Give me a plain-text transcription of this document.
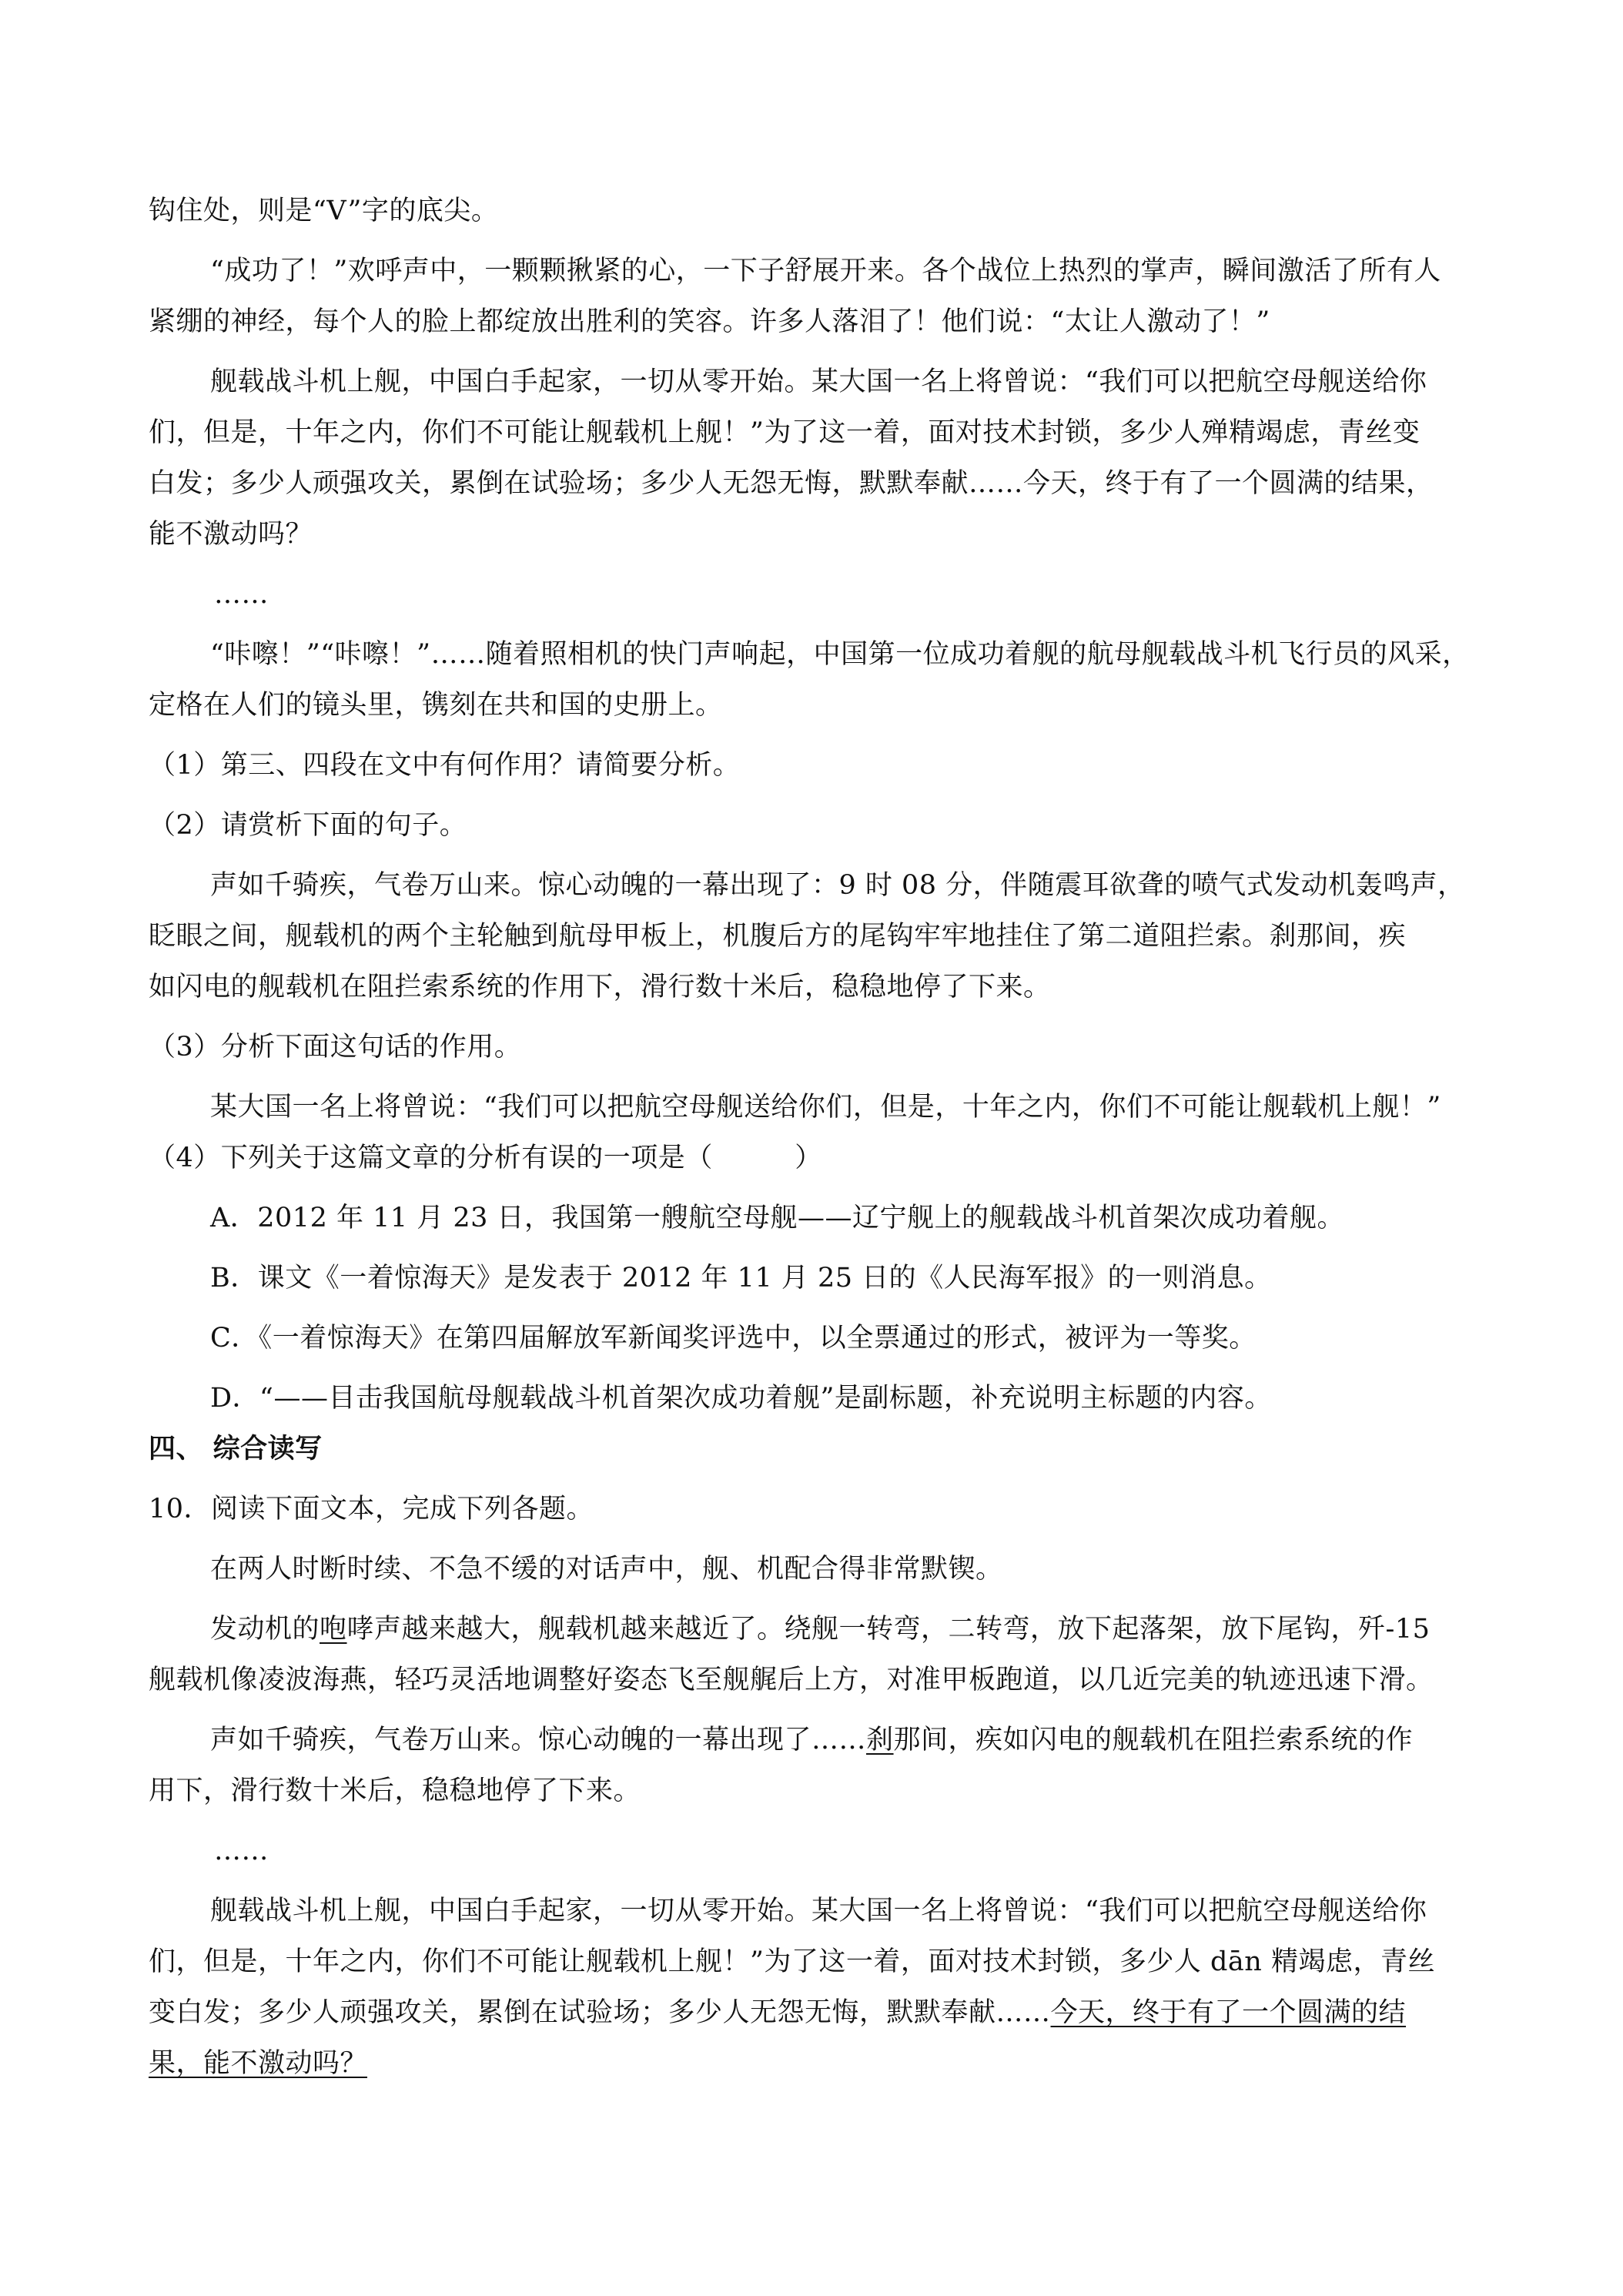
钩住处，则是“V”字的底尖。
“成功了！”欢呼声中，一颗颗揪紧的心，一下子舒展开来。各个战位上热烈的掌声，瞬间激活了所有人
紧绷的神经，每个人的脸上都绽放出胜利的笑容。许多人落泪了！他们说：“太让人激动了！”
舰载战斗机上舰，中国白手起家，一切从零开始。某大国一名上将曾说：“我们可以把航空母舰送给你
们，但是，十年之内，你们不可能让舰载机上舰！”为了这一着，面对技术封锁，多少人殚精竭虑，青丝变
白发；多少人顽强攻关，累倒在试验场；多少人无怨无悔，默默奉献……今天，终于有了一个圆满的结果，
能不激动吗？
……
“咔嚓！”“咔嚓！”……随着照相机的快门声响起，中国第一位成功着舰的航母舰载战斗机飞行员的风采，
定格在人们的镜头里，镌刻在共和国的史册上。
（1）第三、四段在文中有何作用？请简要分析。
（2）请赏析下面的句子。
声如千骑疾，气卷万山来。惊心动魄的一幕出现了：9 时 08 分，伴随震耳欲聋的喷气式发动机轰鸣声，
眨眼之间，舰载机的两个主轮触到航母甲板上，机腹后方的尾钩牢牢地挂住了第二道阻拦索。刹那间，疾
如闪电的舰载机在阻拦索系统的作用下，滑行数十米后，稳稳地停了下来。
（3）分析下面这句话的作用。
某大国一名上将曾说：“我们可以把航空母舰送给你们，但是，十年之内，你们不可能让舰载机上舰！”
（4）下列关于这篇文章的分析有误的一项是（　　　）
A．2012 年 11 月 23 日，我国第一艘航空母舰——辽宁舰上的舰载战斗机首架次成功着舰。
B．课文《一着惊海天》是发表于 2012 年 11 月 25 日的《人民海军报》的一则消息。
C．《一着惊海天》在第四届解放军新闻奖评选中，以全票通过的形式，被评为一等奖。
D．“——目击我国航母舰载战斗机首架次成功着舰”是副标题，补充说明主标题的内容。
四、 综合读写
10．阅读下面文本，完成下列各题。
在两人时断时续、不急不缓的对话声中，舰、机配合得非常默锲。
发动机的咆哮声越来越大，舰载机越来越近了。绕舰一转弯，二转弯，放下起落架，放下尾钩，歼-15
舰载机像凌波海燕，轻巧灵活地调整好姿态飞至舰艉后上方，对准甲板跑道，以几近完美的轨迹迅速下滑。
声如千骑疾，气卷万山来。惊心动魄的一幕出现了……刹那间，疾如闪电的舰载机在阻拦索系统的作
用下，滑行数十米后，稳稳地停了下来。
……
舰载战斗机上舰，中国白手起家，一切从零开始。某大国一名上将曾说：“我们可以把航空母舰送给你
们，但是，十年之内，你们不可能让舰载机上舰！”为了这一着，面对技术封锁，多少人 dān 精竭虑，青丝
变白发；多少人顽强攻关，累倒在试验场；多少人无怨无悔，默默奉献……今天，终于有了一个圆满的结
果，能不激动吗？
